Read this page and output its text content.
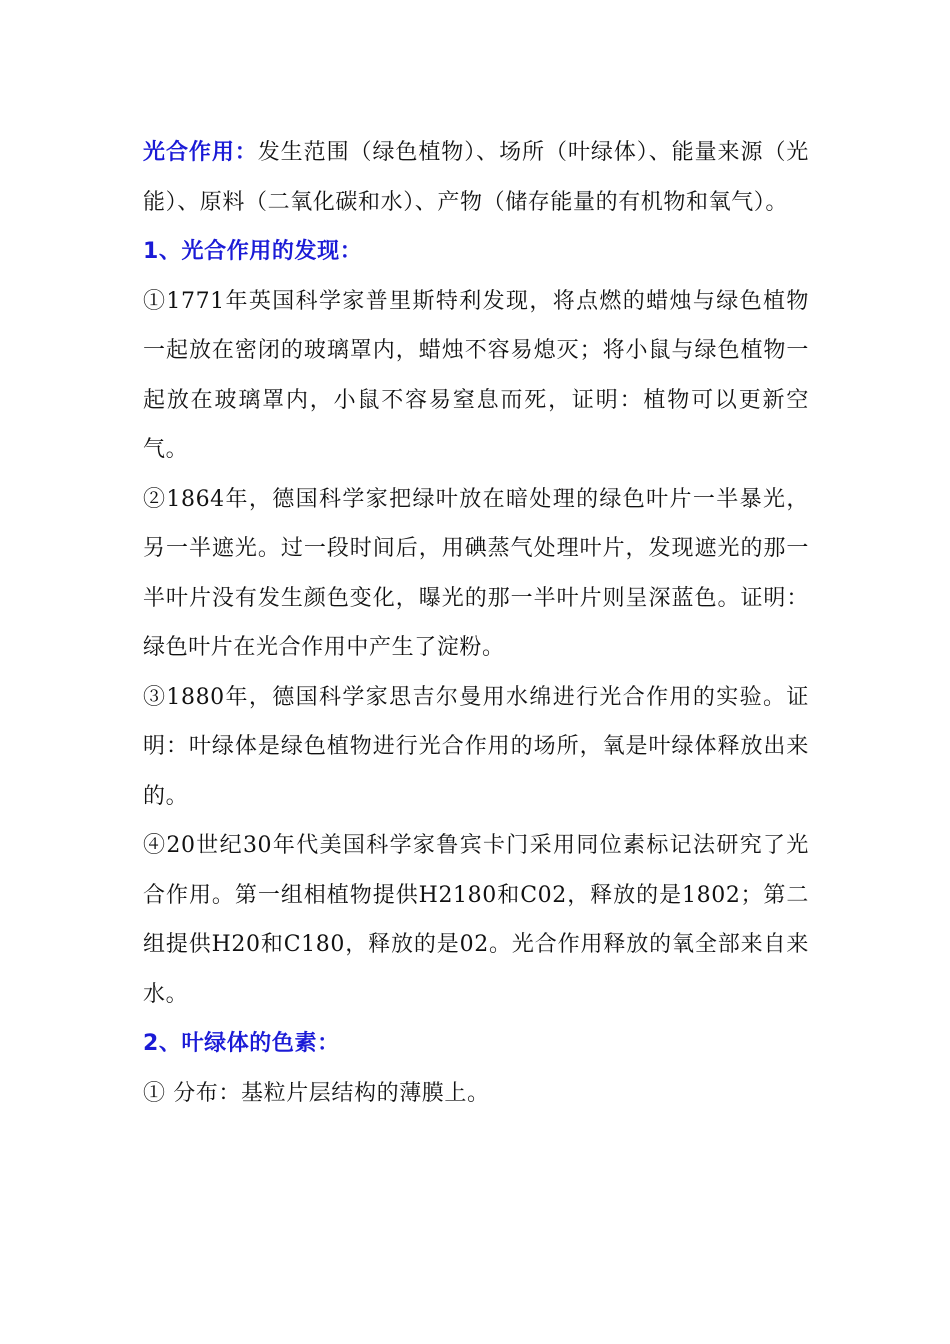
光合作用：发生范围（绿色植物）、场所（叶绿体）、能量来源（光能）、原料（二氧化碳和水）、产物（储存能量的有机物和氧气）。

1、光合作用的发现：

①1771年英国科学家普里斯特利发现，将点燃的蜡烛与绿色植物一起放在密闭的玻璃罩内，蜡烛不容易熄灭；将小鼠与绿色植物一起放在玻璃罩内，小鼠不容易窒息而死，证明：植物可以更新空气。

②1864年，德国科学家把绿叶放在暗处理的绿色叶片一半暴光，另一半遮光。过一段时间后，用碘蒸气处理叶片，发现遮光的那一半叶片没有发生颜色变化，曝光的那一半叶片则呈深蓝色。证明：绿色叶片在光合作用中产生了淀粉。

③1880年，德国科学家思吉尔曼用水绵进行光合作用的实验。证明：叶绿体是绿色植物进行光合作用的场所，氧是叶绿体释放出来的。

④20世纪30年代美国科学家鲁宾卡门采用同位素标记法研究了光合作用。第一组相植物提供H2180和C02，释放的是1802；第二组提供H20和C180，释放的是02。光合作用释放的氧全部来自来水。

2、叶绿体的色素：

① 分布：基粒片层结构的薄膜上。
